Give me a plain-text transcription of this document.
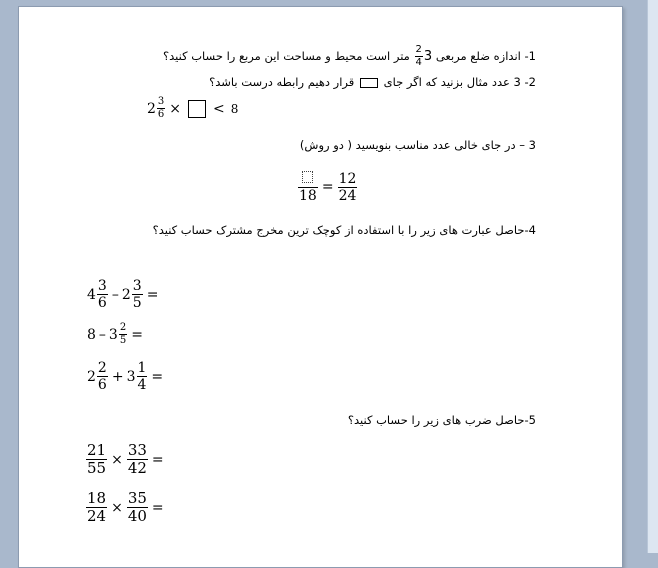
1- اندازه ضلع مربعی 3
$\frac{2}{4}$
متر است محیط و مساحت این مربع را حساب کنید؟
2- 3 عدد مثال بزنید که اگر جای  قرار دهیم رابطه درست باشد؟
$2 \frac{3}{6}$ × < 8
3 – در جای خالی عدد مناسب بنویسید ( دو روش)
18
= $\frac{12}{24}$
4-حاصل عبارت های زیر را با استفاده از کوچک ترین مخرج مشترک حساب کنید؟
$4 \frac{3}{6} - 2 \frac{3}{5}$ =
$8 - 3 \frac{2}{5}$ =
$2 \frac{2}{6} + 3 \frac{1}{4}$ =
5-حاصل ضرب های زیر را حساب کنید؟
$\frac{21}{55} \times \frac{33}{42}$ =
$\frac{18}{24} \times \frac{35}{40}$ =
